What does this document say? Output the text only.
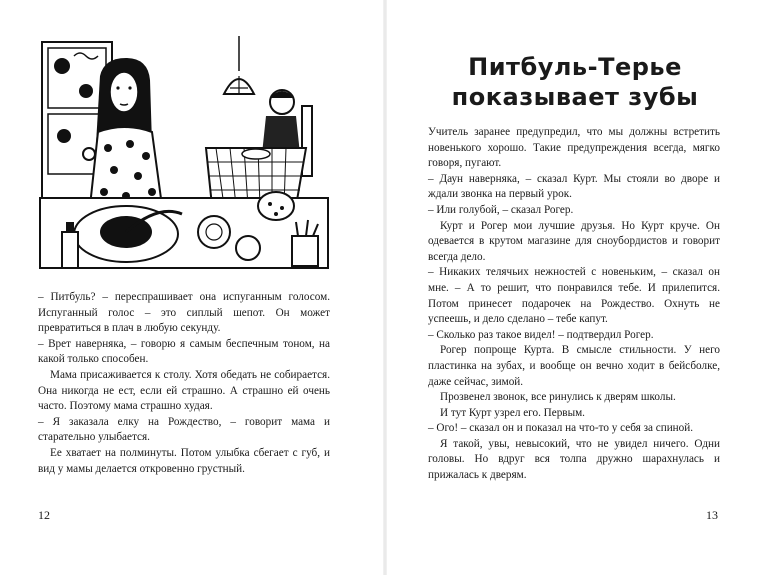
– Питбуль? – переспрашивает она испуганным голосом. Испуганный голос – это сиплый шепот. Он может превратиться в плач в любую секунду.

– Врет наверняка, – говорю я самым беспечным тоном, на какой только способен.

Мама присаживается к столу. Хотя обедать не собирается. Она никогда не ест, если ей страшно. А страшно ей очень часто. Поэтому мама страшно худая.

– Я заказала елку на Рождество, – говорит мама и старательно улыбается.

Ее хватает на полминуты. Потом улыбка сбегает с губ, и вид у мамы делается откровенно грустный.

12
Питбуль-Терье
показывает зубы

Учитель заранее предупредил, что мы должны встретить новенького хорошо. Такие предупреждения всегда, мягко говоря, пугают.

– Даун наверняка, – сказал Курт. Мы стояли во дворе и ждали звонка на первый урок.

– Или голубой, – сказал Рогер.

Курт и Рогер мои лучшие друзья. Но Курт круче. Он одевается в крутом магазине для сноубордистов и говорит всегда дело.

– Никаких телячьих нежностей с новеньким, – сказал он мне. – А то решит, что понравился тебе. И прилепится. Потом принесет подарочек на Рождество. Охнуть не успеешь, и дело сделано – тебе капут.

– Сколько раз такое видел! – подтвердил Рогер.

Рогер попроще Курта. В смысле стильности. У него пластинка на зубах, и вообще он вечно ходит в бейсболке, даже сейчас, зимой.

Прозвенел звонок, все ринулись к дверям школы.

И тут Курт узрел его. Первым.

– Ого! – сказал он и показал на что-то у себя за спиной.

Я такой, увы, невысокий, что не увидел ничего. Одни головы. Но вдруг вся толпа дружно шарахнулась и прижалась к дверям.

13
